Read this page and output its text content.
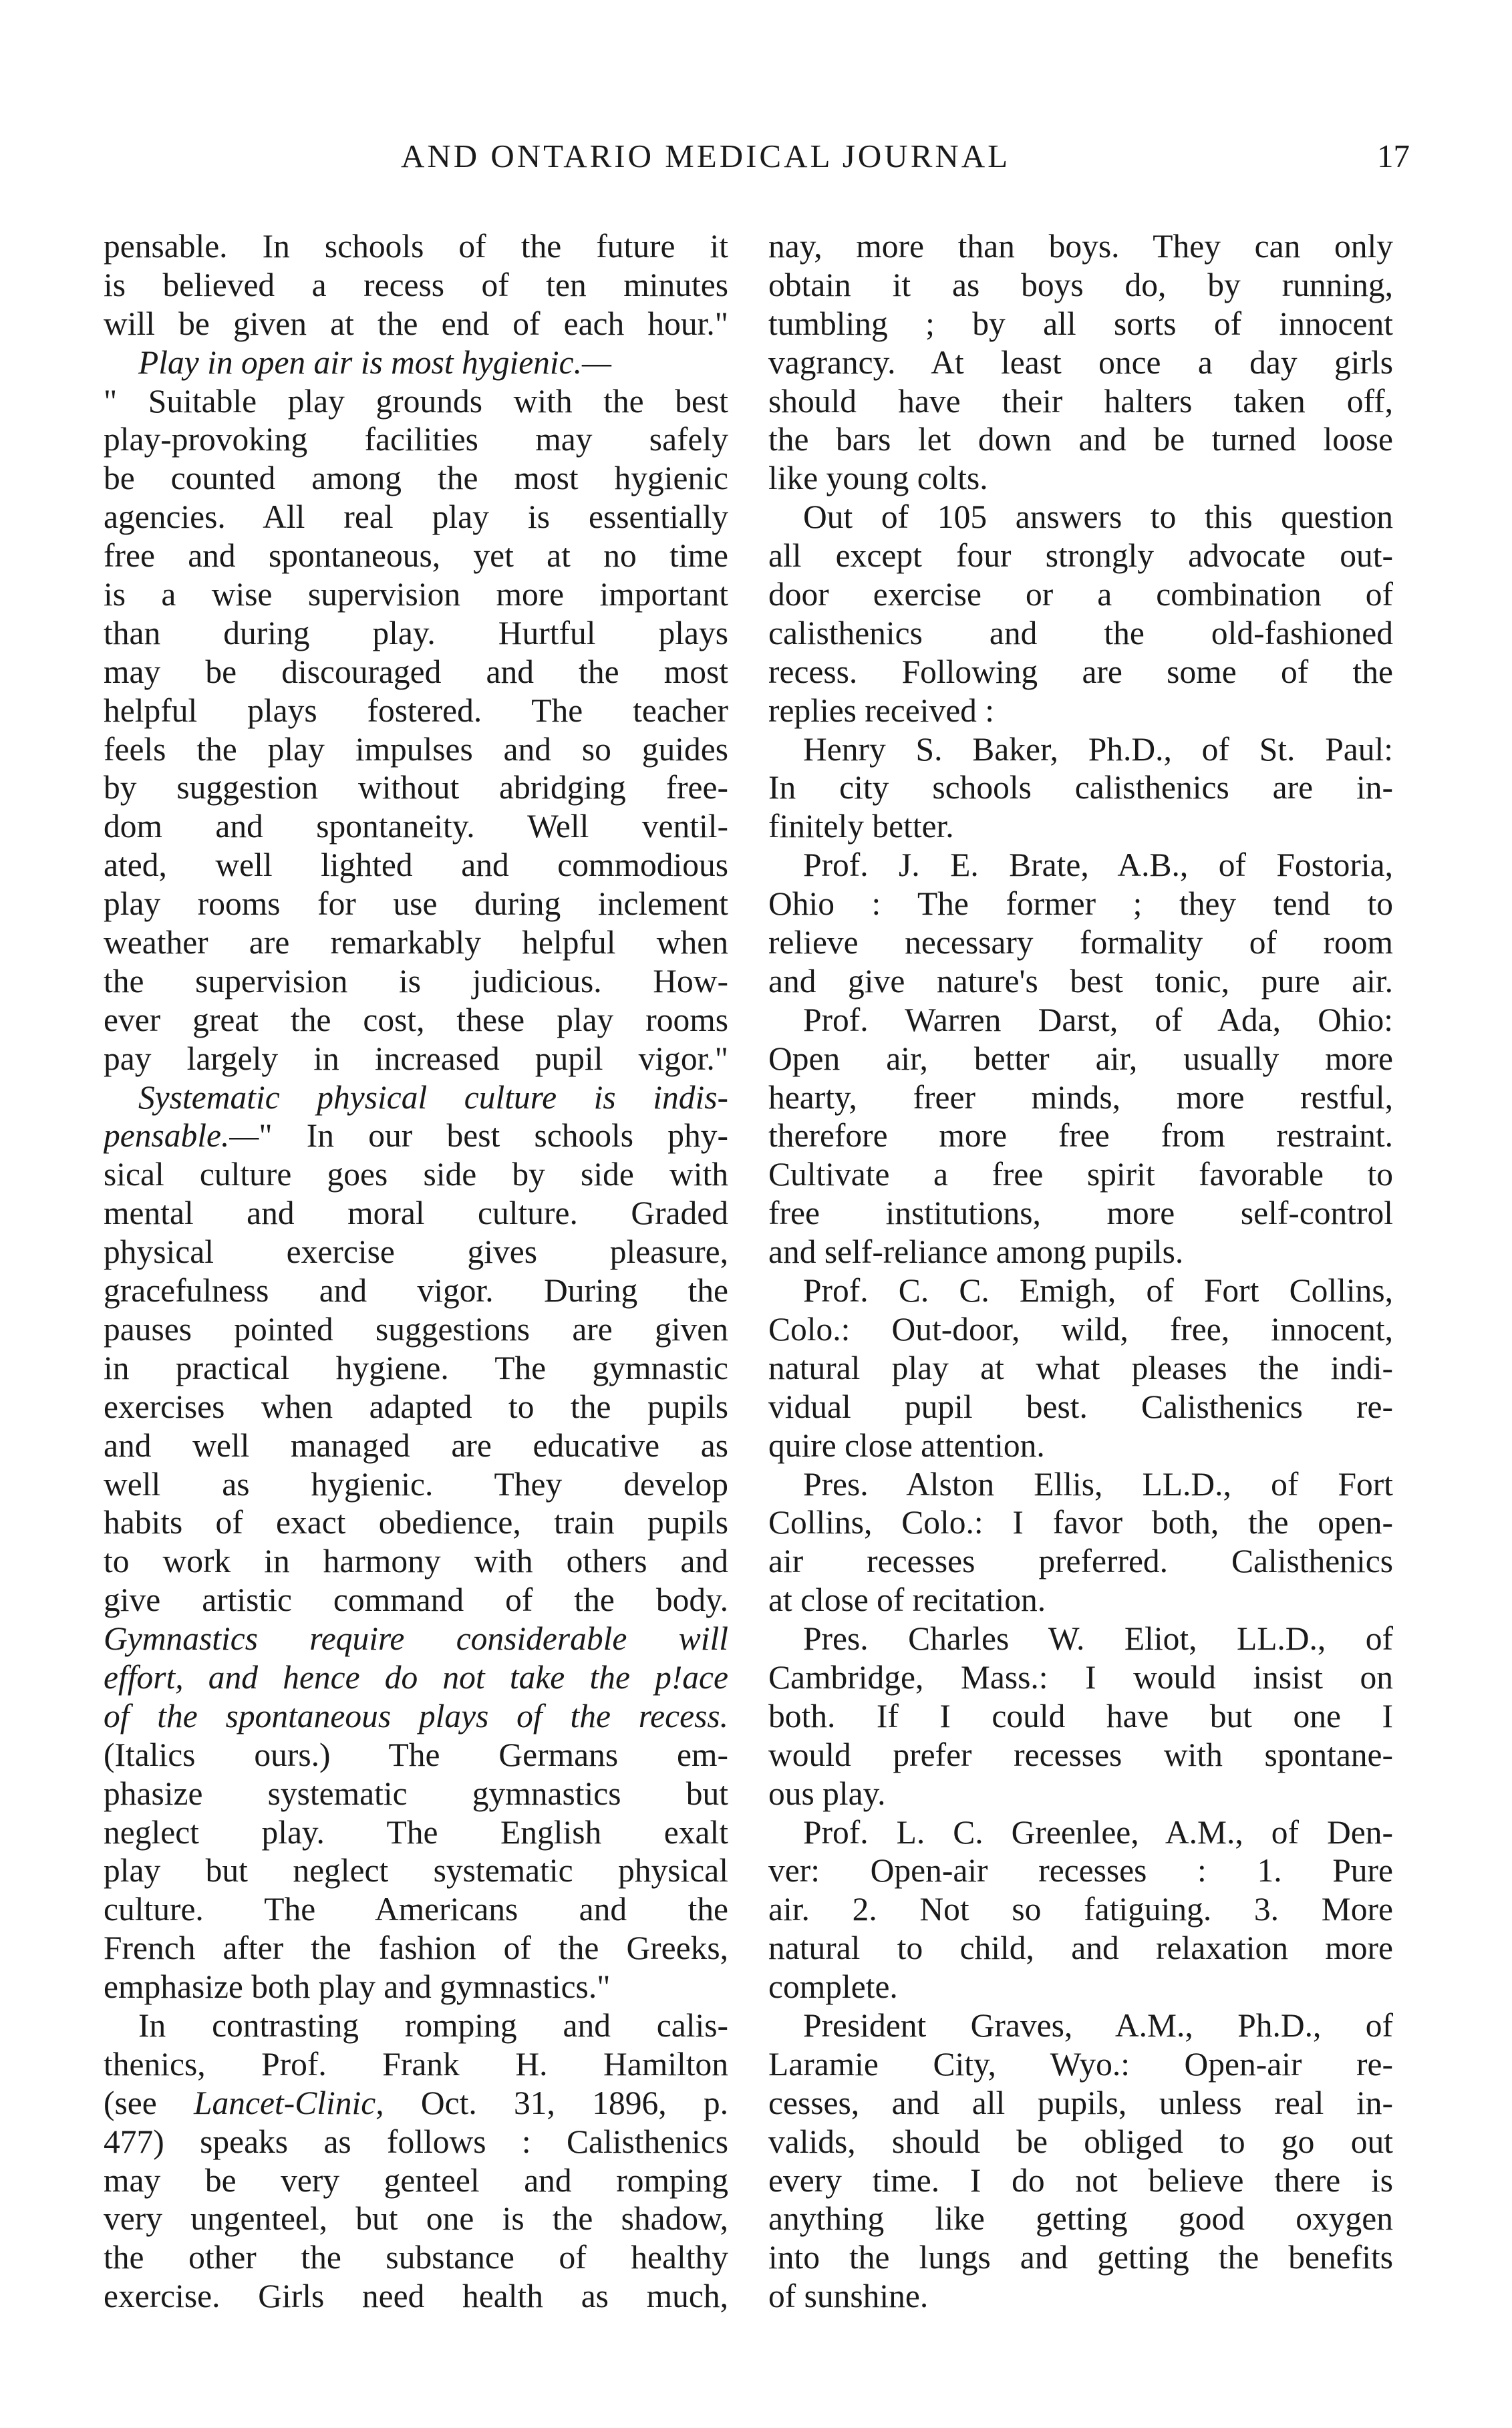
AND ONTARIO MEDICAL JOURNAL	17
pensable. In schools of the future it
is believed a recess of ten minutes
will be given at the end of each hour."
Play in open air is most hygienic.—
" Suitable play grounds with the best
play-provoking facilities may safely
be counted among the most hygienic
agencies. All real play is essentially
free and spontaneous, yet at no time
is a wise supervision more important
than during play. Hurtful plays
may be discouraged and the most
helpful plays fostered. The teacher
feels the play impulses and so guides
by suggestion without abridging free-
dom and spontaneity. Well ventil-
ated, well lighted and commodious
play rooms for use during inclement
weather are remarkably helpful when
the supervision is judicious. How-
ever great the cost, these play rooms
pay largely in increased pupil vigor."
Systematic physical culture is indis-
pensable.—" In our best schools phy-
sical culture goes side by side with
mental and moral culture. Graded
physical exercise gives pleasure,
gracefulness and vigor. During the
pauses pointed suggestions are given
in practical hygiene. The gymnastic
exercises when adapted to the pupils
and well managed are educative as
well as hygienic. They develop
habits of exact obedience, train pupils
to work in harmony with others and
give artistic command of the body.
Gymnastics require considerable will
effort, and hence do not take the p!ace
of the spontaneous plays of the recess.
(Italics ours.) The Germans em-
phasize systematic gymnastics but
neglect play. The English exalt
play but neglect systematic physical
culture. The Americans and the
French after the fashion of the Greeks,
emphasize both play and gymnastics."
In contrasting romping and calis-
thenics, Prof. Frank H. Hamilton
(see Lancet-Clinic, Oct. 31, 1896, p.
477) speaks as follows : Calisthenics
may be very genteel and romping
very ungenteel, but one is the shadow,
the other the substance of healthy
exercise. Girls need health as much,
nay, more than boys. They can only
obtain it as boys do, by running,
tumbling ; by all sorts of innocent
vagrancy. At least once a day girls
should have their halters taken off,
the bars let down and be turned loose
like young colts.
Out of 105 answers to this question
all except four strongly advocate out-
door exercise or a combination of
calisthenics and the old-fashioned
recess. Following are some of the
replies received :
Henry S. Baker, Ph.D., of St. Paul:
In city schools calisthenics are in-
finitely better.
Prof. J. E. Brate, A.B., of Fostoria,
Ohio : The former ; they tend to
relieve necessary formality of room
and give nature's best tonic, pure air.
Prof. Warren Darst, of Ada, Ohio:
Open air, better air, usually more
hearty, freer minds, more restful,
therefore more free from restraint.
Cultivate a free spirit favorable to
free institutions, more self-control
and self-reliance among pupils.
Prof. C. C. Emigh, of Fort Collins,
Colo.: Out-door, wild, free, innocent,
natural play at what pleases the indi-
vidual pupil best. Calisthenics re-
quire close attention.
Pres. Alston Ellis, LL.D., of Fort
Collins, Colo.: I favor both, the open-
air recesses preferred. Calisthenics
at close of recitation.
Pres. Charles W. Eliot, LL.D., of
Cambridge, Mass.: I would insist on
both. If I could have but one I
would prefer recesses with spontane-
ous play.
Prof. L. C. Greenlee, A.M., of Den-
ver: Open-air recesses : 1. Pure
air. 2. Not so fatiguing. 3. More
natural to child, and relaxation more
complete.
President Graves, A.M., Ph.D., of
Laramie City, Wyo.: Open-air re-
cesses, and all pupils, unless real in-
valids, should be obliged to go out
every time. I do not believe there is
anything like getting good oxygen
into the lungs and getting the benefits
of sunshine.
